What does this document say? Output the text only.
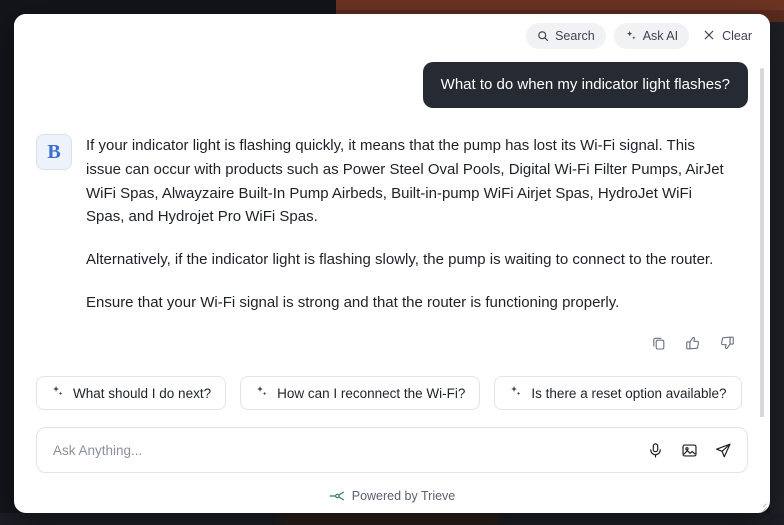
Search	Ask AI	Clear
What to do when my indicator light flashes?
B	If your indicator light is flashing quickly, it means that the pump has lost its Wi-Fi signal. This issue can occur with products such as Power Steel Oval Pools, Digital Wi-Fi Filter Pumps, AirJet WiFi Spas, Alwayzaire Built-In Pump Airbeds, Built-in-pump WiFi Airjet Spas, HydroJet WiFi Spas, and Hydrojet Pro WiFi Spas.

Alternatively, if the indicator light is flashing slowly, the pump is waiting to connect to the router.

Ensure that your Wi-Fi signal is strong and that the router is functioning properly.

What should I do next?	How can I reconnect the Wi-Fi?	Is there a reset option available?
Ask Anything...
Powered by Trieve
